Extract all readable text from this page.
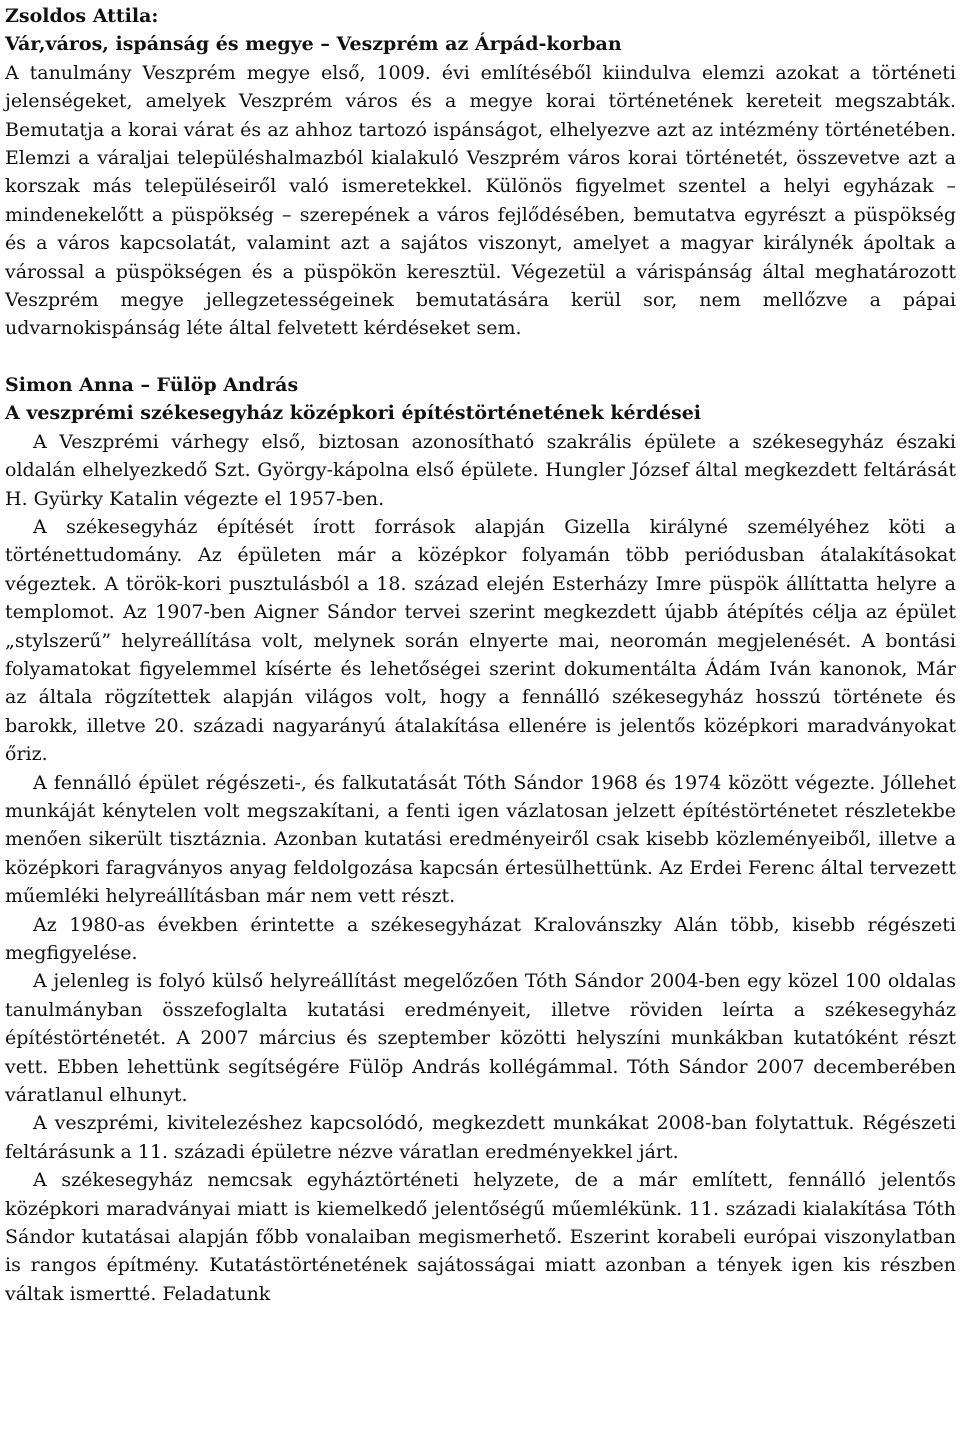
Zsoldos Attila:
Vár,város, ispánság és megye – Veszprém az Árpád-korban

A tanulmány Veszprém megye első, 1009. évi említéséből kiindulva elemzi azokat a történeti jelenségeket, amelyek Veszprém város és a megye korai történetének kereteit megszabták. Bemutatja a korai várat és az ahhoz tartozó ispánságot, elhelyezve azt az intézmény történetében. Elemzi a váraljai településhalmazból kialakuló Veszprém város korai történetét, összevetve azt a korszak más településeiről való ismeretekkel. Különös figyelmet szentel a helyi egyházak – mindenekelőtt a püspökség – szerepének a város fejlődésében, bemutatva egyrészt a püspökség és a város kapcsolatát, valamint azt a sajátos viszonyt, amelyet a magyar királynék ápoltak a várossal a püspökségen és a püspökön keresztül. Végezetül a várispánság által meghatározott Veszprém megye jellegzetességeinek bemutatására kerül sor, nem mellőzve a pápai udvarnokispánság léte által felvetett kérdéseket sem.

Simon Anna – Fülöp András
A veszprémi székesegyház középkori építéstörténetének kérdései

A Veszprémi várhegy első, biztosan azonosítható szakrális épülete a székesegyház északi oldalán elhelyezkedő Szt. György-kápolna első épülete. Hungler József által megkezdett feltárását H. Gyürky Katalin végezte el 1957-ben.

A székesegyház építését írott források alapján Gizella királyné személyéhez köti a történettudomány. Az épületen már a középkor folyamán több periódusban átalakításokat végeztek. A török-kori pusztulásból a 18. század elején Esterházy Imre püspök állíttatta helyre a templomot. Az 1907-ben Aigner Sándor tervei szerint megkezdett újabb átépítés célja az épület „stylszerű” helyreállítása volt, melynek során elnyerte mai, neoromán megjelenését. A bontási folyamatokat figyelemmel kísérte és lehetőségei szerint dokumentálta Ádám Iván kanonok, Már az általa rögzítettek alapján világos volt, hogy a fennálló székesegyház hosszú története és barokk, illetve 20. századi nagyarányú átalakítása ellenére is jelentős középkori maradványokat őriz.

A fennálló épület régészeti-, és falkutatását Tóth Sándor 1968 és 1974 között végezte. Jóllehet munkáját kénytelen volt megszakítani, a fenti igen vázlatosan jelzett építéstörténetet részletekbe menően sikerült tisztáznia. Azonban kutatási eredményeiről csak kisebb közleményeiből, illetve a középkori faragványos anyag feldolgozása kapcsán értesülhettünk. Az Erdei Ferenc által tervezett műemléki helyreállításban már nem vett részt.

Az 1980-as években érintette a székesegyházat Kralovánszky Alán több, kisebb régészeti megfigyelése.

A jelenleg is folyó külső helyreállítást megelőzően Tóth Sándor 2004-ben egy közel 100 oldalas tanulmányban összefoglalta kutatási eredményeit, illetve röviden leírta a székesegyház építéstörténetét. A 2007 március és szeptember közötti helyszíni munkákban kutatóként részt vett. Ebben lehettünk segítségére Fülöp András kollégámmal. Tóth Sándor 2007 decemberében váratlanul elhunyt.

A veszprémi, kivitelezéshez kapcsolódó, megkezdett munkákat 2008-ban folytattuk. Régészeti feltárásunk a 11. századi épületre nézve váratlan eredményekkel járt.

A székesegyház nemcsak egyháztörténeti helyzete, de a már említett, fennálló jelentős középkori maradványai miatt is kiemelkedő jelentőségű műemlékünk. 11. századi kialakítása Tóth Sándor kutatásai alapján főbb vonalaiban megismerhető. Eszerint korabeli európai viszonylatban is rangos építmény. Kutatástörténetének sajátosságai miatt azonban a tények igen kis részben váltak ismertté. Feladatunk
